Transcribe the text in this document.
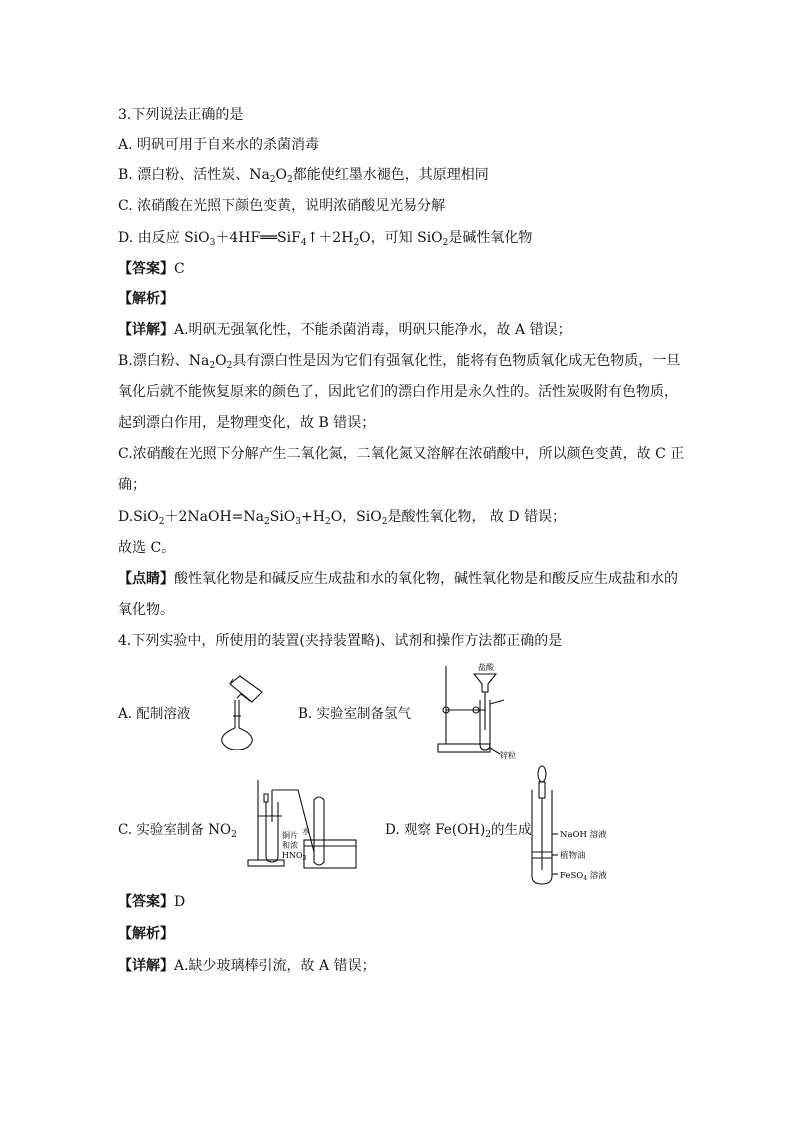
3.下列说法正确的是
A. 明矾可用于自来水的杀菌消毒
B. 漂白粉、活性炭、$Na_2O_2$都能使红墨水褪色，其原理相同
C. 浓硝酸在光照下颜色变黄，说明浓硝酸见光易分解
D. 由反应 $SiO_3+4HF══SiF_4↑+2H_2O$，可知 SiO$_2$是碱性氧化物
【答案】C
【解析】
【详解】A.明矾无强氧化性，不能杀菌消毒，明矾只能净水，故 A 错误；
B.漂白粉、$Na_2O_2$具有漂白性是因为它们有强氧化性，能将有色物质氧化成无色物质，一旦
氧化后就不能恢复原来的颜色了，因此它们的漂白作用是永久性的。活性炭吸附有色物质，
起到漂白作用，是物理变化，故 B 错误；
C.浓硝酸在光照下分解产生二氧化氮，二氧化氮又溶解在浓硝酸中，所以颜色变黄，故 C 正
确；
$D.SiO_2+2NaOH=Na_2SiO_3+H_2O$，SiO$_2$是酸性氧化物， 故 D 错误；
故选 C。
【点睛】酸性氧化物是和碱反应生成盐和水的氧化物，碱性氧化物是和酸反应生成盐和水的
氧化物。
4.下列实验中，所使用的装置(夹持装置略)、试剂和操作方法都正确的是
A. 配制溶液	B. 实验室制备氢气
盐酸
锌粒
C. 实验室制备 $NO_2$	铜片
和浓
$HNO_3$
水	D. 观察 $Fe(OH)_2$的生成	NaOH 溶液
植物油
FeSO$_4$ 溶液
【答案】D
【解析】
【详解】A.缺少玻璃棒引流，故 A 错误；
